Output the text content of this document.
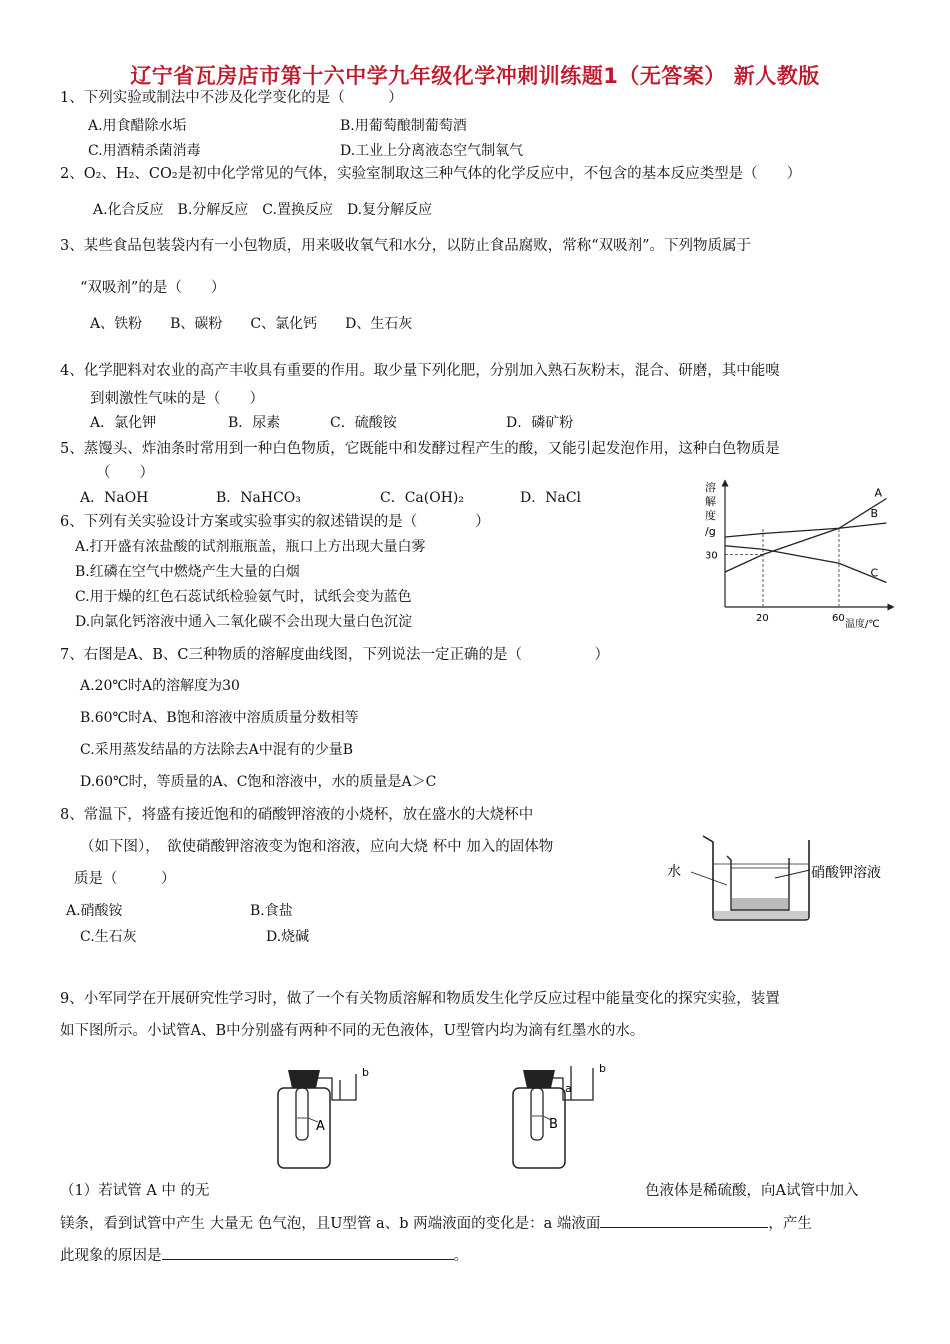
辽宁省瓦房店市第十六中学九年级化学冲刺训练题1（无答案） 新人教版
1、下列实验或制法中不涉及化学变化的是（　　　）
A.用食醋除水垢	B.用葡萄酿制葡萄酒
C.用酒精杀菌消毒	D.工业上分离液态空气制氧气
2、O₂、H₂、CO₂是初中化学常见的气体，实验室制取这三种气体的化学反应中，不包含的基本反应类型是（　　）
A.化合反应　B.分解反应　C.置换反应　D.复分解反应
3、某些食品包装袋内有一小包物质，用来吸收氧气和水分，以防止食品腐败，常称“双吸剂”。下列物质属于
“双吸剂”的是（　　）
A、铁粉　　B、碳粉　　C、氯化钙　　D、生石灰
4、化学肥料对农业的高产丰收具有重要的作用。取少量下列化肥，分别加入熟石灰粉末，混合、研磨，其中能嗅
到刺激性气味的是（　　）
A．氯化钾	B．尿素	C．硫酸铵	D．磷矿粉
5、蒸馒头、炸油条时常用到一种白色物质，它既能中和发酵过程产生的酸，又能引起发泡作用，这种白色物质是
（　　）
A．NaOH	B．NaHCO₃	C．Ca(OH)₂	D．NaCl
6、下列有关实验设计方案或实验事实的叙述错误的是（　　　　）
A.打开盛有浓盐酸的试剂瓶瓶盖，瓶口上方出现大量白雾
B.红磷在空气中燃烧产生大量的白烟
C.用于燥的红色石蕊试纸检验氨气时，试纸会变为蓝色
D.向氯化钙溶液中通入二氧化碳不会出现大量白色沉淀
7、右图是A、B、C三种物质的溶解度曲线图，下列说法一定正确的是（　　　　　）
A.20℃时A的溶解度为30
B.60℃时A、B饱和溶液中溶质质量分数相等
C.采用蒸发结晶的方法除去A中混有的少量B
D.60℃时，等质量的A、C饱和溶液中，水的质量是A＞C
8、常温下，将盛有接近饱和的硝酸钾溶液的小烧杯，放在盛水的大烧杯中
（如下图），　欲使硝酸钾溶液变为饱和溶液，应向大烧 杯中 加入的固体物
质是（　　　）
A.硝酸铵	B.食盐
C.生石灰	D.烧碱
9、小军同学在开展研究性学习时，做了一个有关物质溶解和物质发生化学反应过程中能量变化的探究实验，装置
如下图所示。小试管A、B中分别盛有两种不同的无色液体，U型管内均为滴有红墨水的水。
（1）若试管 A 中 的无	色液体是稀硫酸，向A试管中加入
镁条，看到试管中产生 大量无 色气泡，且U型管 a、b 两端液面的变化是：a 端液面	，产生
此现象的原因是	。
溶
解
度
/g
温度/℃
A
B
C
20	60
30
水	硝酸钾溶液
A
b
B
a
b
